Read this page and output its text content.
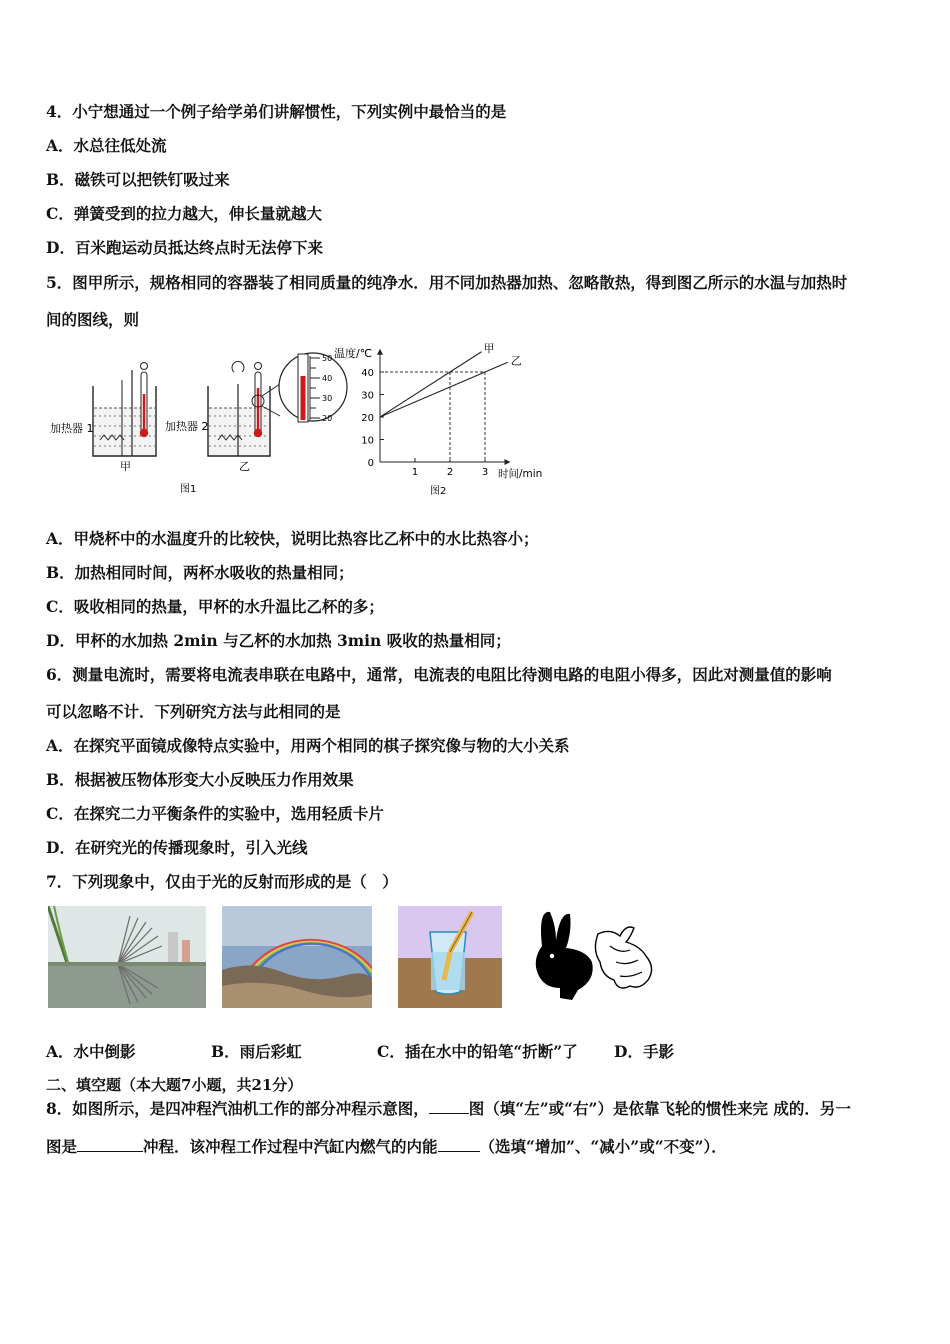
4．小宁想通过一个例子给学弟们讲解惯性，下列实例中最恰当的是
A．水总往低处流
B．磁铁可以把铁钉吸过来
C．弹簧受到的拉力越大，伸长量就越大
D．百米跑运动员抵达终点时无法停下来
5．图甲所示，规格相同的容器装了相同质量的纯净水．用不同加热器加热、忽略散热，得到图乙所示的水温与加热时
间的图线，则
50
40
30
20
加热器 1	加热器 2
甲	乙
图1
0
10
20
30
40
1	2	3
甲
乙
温度/℃
时间/min
图2
A．甲烧杯中的水温度升的比较快，说明比热容比乙杯中的水比热容小；
B．加热相同时间，两杯水吸收的热量相同；
C．吸收相同的热量，甲杯的水升温比乙杯的多；
D．甲杯的水加热 2min 与乙杯的水加热 3min 吸收的热量相同；
6．测量电流时，需要将电流表串联在电路中，通常，电流表的电阻比待测电路的电阻小得多，因此对测量值的影响
可以忽略不计．下列研究方法与此相同的是
A．在探究平面镜成像特点实验中，用两个相同的棋子探究像与物的大小关系
B．根据被压物体形变大小反映压力作用效果
C．在探究二力平衡条件的实验中，选用轻质卡片
D．在研究光的传播现象时，引入光线
7．下列现象中，仅由于光的反射而形成的是（　）
A．水中倒影	B．雨后彩虹	C．插在水中的铅笔“折断”了 D．手影
二、填空题（本大题7小题，共21分）
8．如图所示，是四冲程汽油机工作的部分冲程示意图，	图（填“左”或“右”）是依靠飞轮的惯性来完 成的．另一
图是	冲程．该冲程工作过程中汽缸内燃气的内能	（选填“增加”、“减小”或“不变”）．
